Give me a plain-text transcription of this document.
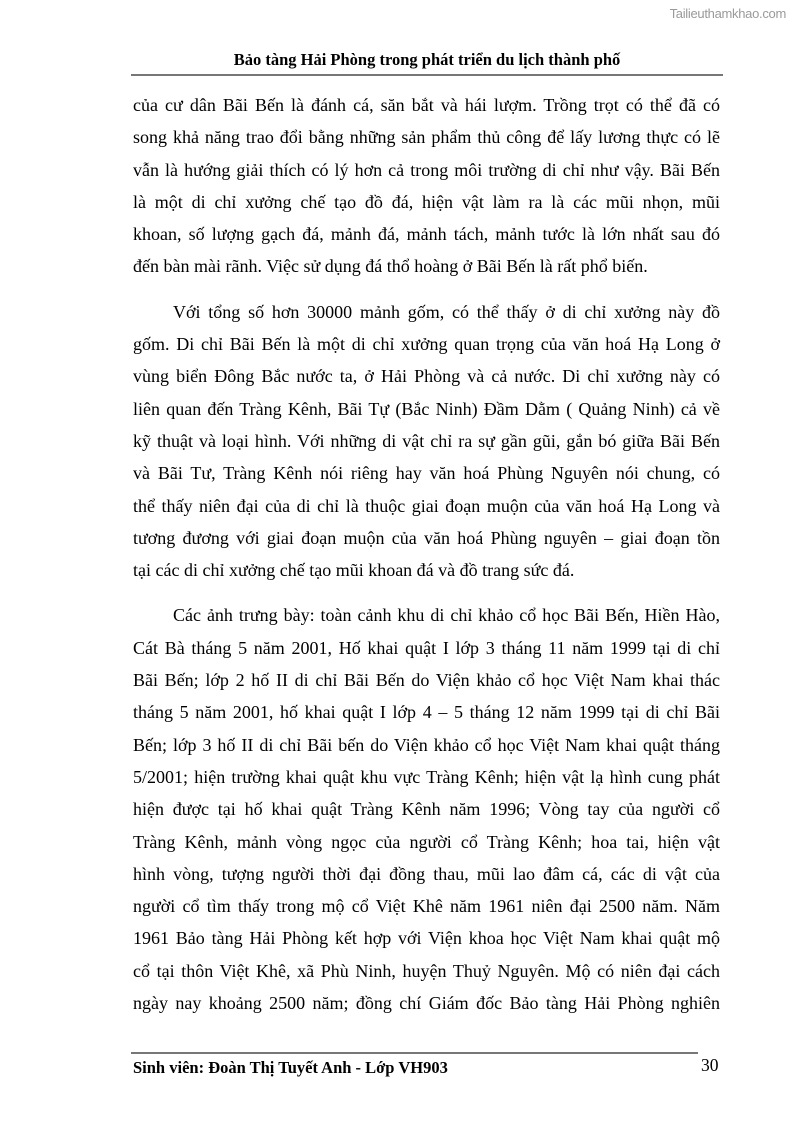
Tailieuthamkhao.com
Bảo tàng Hải Phòng trong phát triển du lịch thành phố
của cư dân Bãi Bến là đánh cá, săn bắt và hái lượm. Trồng trọt có thể đã có
song khả năng trao đổi bằng những sản phẩm thủ công để lấy lương thực có lẽ
vẫn là hướng giải thích có lý hơn cả trong môi trường di chỉ như vậy. Bãi Bến
là một di chỉ xưởng chế tạo đồ đá, hiện vật làm ra là các mũi nhọn, mũi
khoan, số lượng gạch đá, mảnh đá, mảnh tách, mảnh tước là lớn nhất sau đó
đến bàn mài rãnh. Việc sử dụng đá thổ hoàng ở Bãi Bến là rất phổ biến.
Với tổng số hơn 30000 mảnh gốm, có thể thấy ở di chỉ xưởng này đồ
gốm. Di chỉ Bãi Bến là một di chỉ xưởng quan trọng của văn hoá Hạ Long ở
vùng biển Đông Bắc nước ta, ở Hải Phòng và cả nước. Di chỉ xưởng này có
liên quan đến Tràng Kênh, Bãi Tự (Bắc Ninh) Đầm Dằm ( Quảng Ninh) cả về
kỹ thuật và loại hình. Với những di vật chỉ ra sự gần gũi, gắn bó giữa Bãi Bến
và Bãi Tư, Tràng Kênh nói riêng hay văn hoá Phùng Nguyên nói chung, có
thể thấy niên đại của di chỉ là thuộc giai đoạn muộn của văn hoá Hạ Long và
tương đương với giai đoạn muộn của văn hoá Phùng nguyên – giai đoạn tồn
tại các di chỉ xưởng chế tạo mũi khoan đá và đồ trang sức đá.
Các ảnh trưng bày: toàn cảnh khu di chỉ khảo cổ học Bãi Bến, Hiền Hào,
Cát Bà tháng 5 năm 2001, Hố khai quật I lớp 3 tháng 11 năm 1999 tại di chỉ
Bãi Bến; lớp 2 hố II di chỉ Bãi Bến do Viện khảo cổ học Việt Nam khai thác
tháng 5 năm 2001, hố khai quật I lớp 4 – 5 tháng 12 năm 1999 tại di chỉ Bãi
Bến; lớp 3 hố II di chỉ Bãi bến do Viện khảo cổ học Việt Nam khai quật tháng
5/2001; hiện trường khai quật khu vực Tràng Kênh; hiện vật lạ hình cung phát
hiện được tại hố khai quật Tràng Kênh năm 1996; Vòng tay của người cổ
Tràng Kênh, mảnh vòng ngọc của người cổ Tràng Kênh; hoa tai, hiện vật
hình vòng, tượng người thời đại đồng thau, mũi lao đâm cá, các di vật của
người cổ tìm thấy trong mộ cổ Việt Khê năm 1961 niên đại 2500 năm. Năm
1961 Bảo tàng Hải Phòng kết hợp với Viện khoa học Việt Nam khai quật mộ
cổ tại thôn Việt Khê, xã Phù Ninh, huyện Thuỷ Nguyên. Mộ có niên đại cách
ngày nay khoảng 2500 năm; đồng chí Giám đốc Bảo tàng Hải Phòng nghiên
Sinh viên: Đoàn Thị Tuyết Anh - Lớp VH903	30
